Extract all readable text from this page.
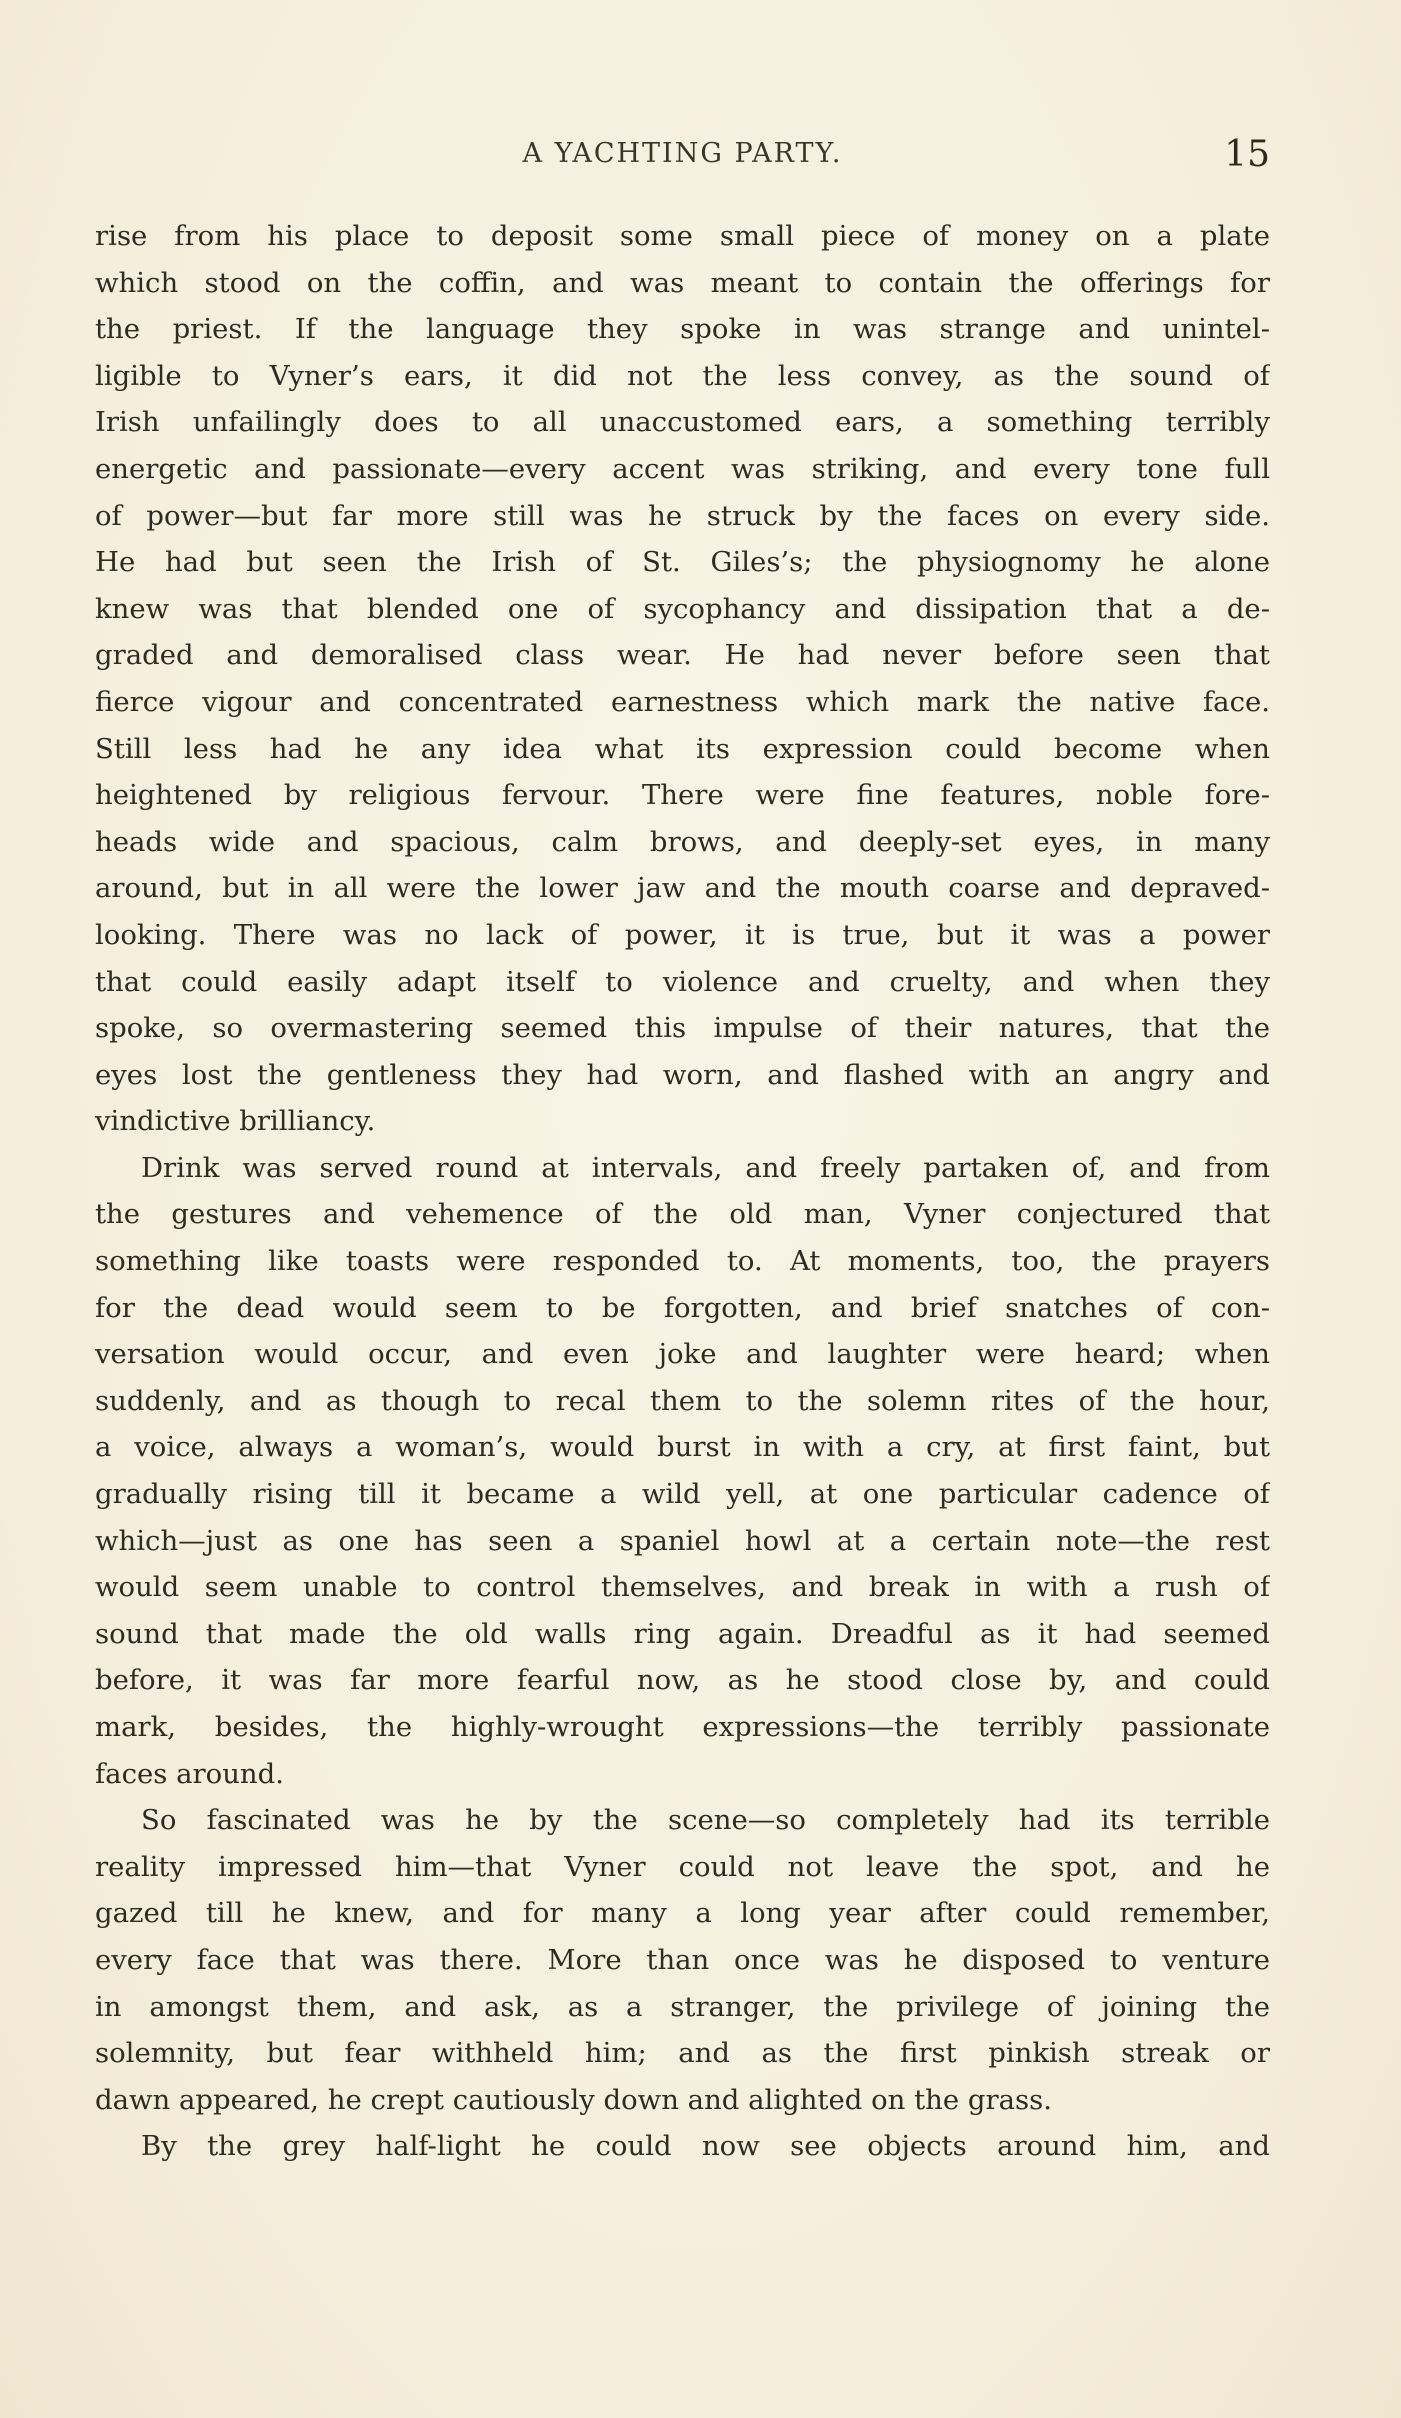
A YACHTING PARTY.	15
rise from his place to deposit some small piece of money on a plate
which stood on the coffin, and was meant to contain the offerings for
the priest. If the language they spoke in was strange and unintel-
ligible to Vyner’s ears, it did not the less convey, as the sound of
Irish unfailingly does to all unaccustomed ears, a something terribly
energetic and passionate—every accent was striking, and every tone full
of power—but far more still was he struck by the faces on every side.
He had but seen the Irish of St. Giles’s; the physiognomy he alone
knew was that blended one of sycophancy and dissipation that a de-
graded and demoralised class wear. He had never before seen that
fierce vigour and concentrated earnestness which mark the native face.
Still less had he any idea what its expression could become when
heightened by religious fervour. There were fine features, noble fore-
heads wide and spacious, calm brows, and deeply-set eyes, in many
around, but in all were the lower jaw and the mouth coarse and depraved-
looking. There was no lack of power, it is true, but it was a power
that could easily adapt itself to violence and cruelty, and when they
spoke, so overmastering seemed this impulse of their natures, that the
eyes lost the gentleness they had worn, and flashed with an angry and
vindictive brilliancy.
Drink was served round at intervals, and freely partaken of, and from
the gestures and vehemence of the old man, Vyner conjectured that
something like toasts were responded to. At moments, too, the prayers
for the dead would seem to be forgotten, and brief snatches of con-
versation would occur, and even joke and laughter were heard; when
suddenly, and as though to recal them to the solemn rites of the hour,
a voice, always a woman’s, would burst in with a cry, at first faint, but
gradually rising till it became a wild yell, at one particular cadence of
which—just as one has seen a spaniel howl at a certain note—the rest
would seem unable to control themselves, and break in with a rush of
sound that made the old walls ring again. Dreadful as it had seemed
before, it was far more fearful now, as he stood close by, and could
mark, besides, the highly-wrought expressions—the terribly passionate
faces around.
So fascinated was he by the scene—so completely had its terrible
reality impressed him—that Vyner could not leave the spot, and he
gazed till he knew, and for many a long year after could remember,
every face that was there. More than once was he disposed to venture
in amongst them, and ask, as a stranger, the privilege of joining the
solemnity, but fear withheld him; and as the first pinkish streak or
dawn appeared, he crept cautiously down and alighted on the grass.
By the grey half-light he could now see objects around him, and
